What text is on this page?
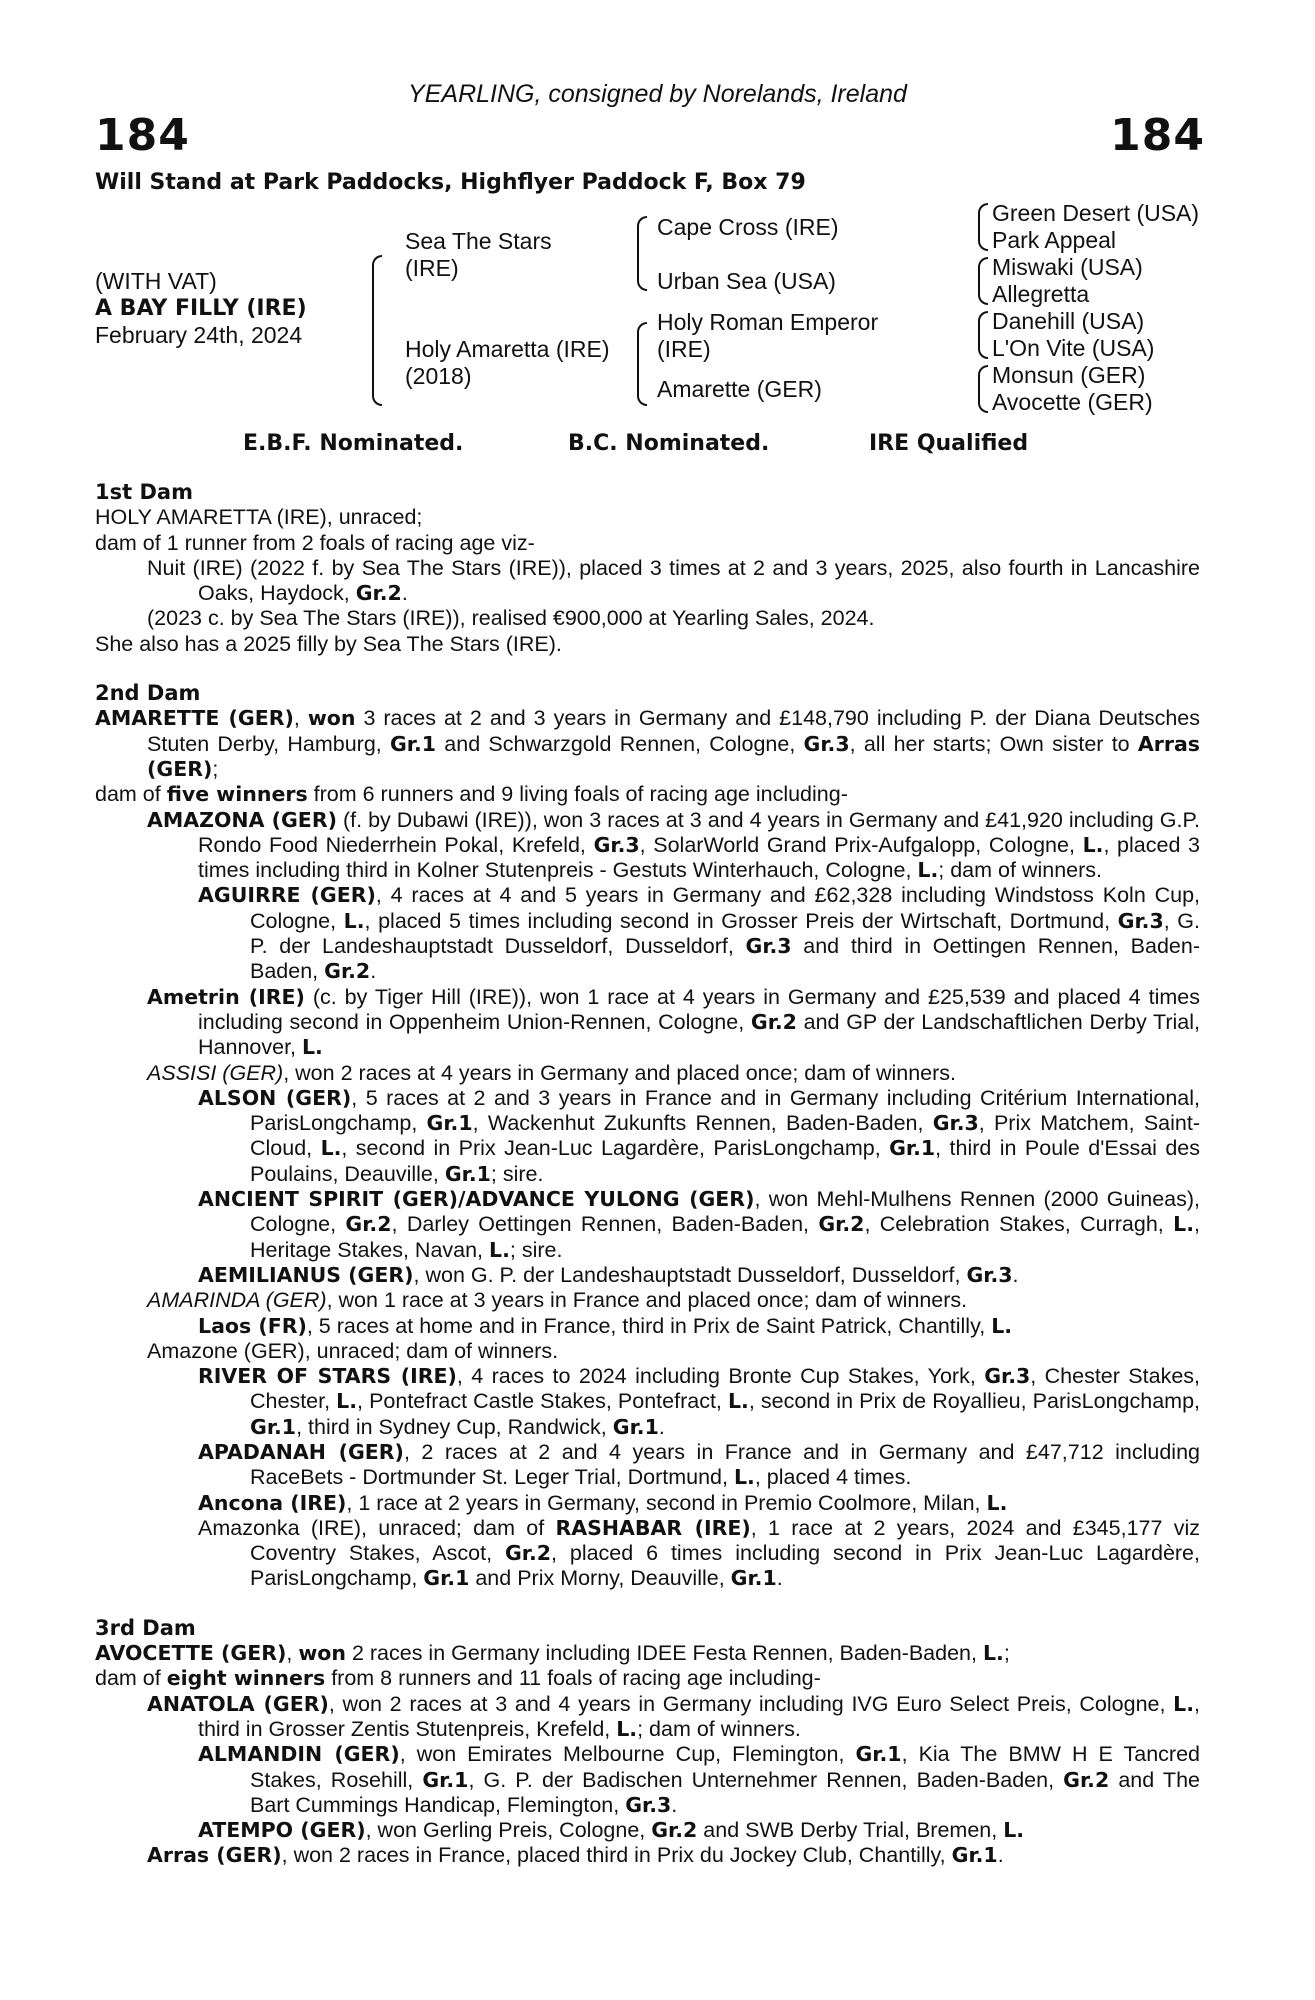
YEARLING, consigned by Norelands, Ireland
184	184
Will Stand at Park Paddocks, Highflyer Paddock F, Box 79
(WITH VAT)
A BAY FILLY (IRE)
February 24th, 2024
Sea The Stars
(IRE)
Holy Amaretta (IRE)
(2018)
Cape Cross (IRE)
Urban Sea (USA)
Holy Roman Emperor
(IRE)
Amarette (GER)
Green Desert (USA)
Park Appeal
Miswaki (USA)
Allegretta
Danehill (USA)
L'On Vite (USA)
Monsun (GER)
Avocette (GER)
E.B.F. Nominated.	B.C. Nominated.	IRE Qualified

1st Dam

HOLY AMARETTA (IRE), unraced;

dam of 1 runner from 2 foals of racing age viz-

Nuit (IRE) (2022 f. by Sea The Stars (IRE)), placed 3 times at 2 and 3 years, 2025, also fourth in Lancashire Oaks, Haydock, Gr.2.

(2023 c. by Sea The Stars (IRE)), realised €900,000 at Yearling Sales, 2024.

She also has a 2025 filly by Sea The Stars (IRE).

2nd Dam

AMARETTE (GER), won 3 races at 2 and 3 years in Germany and £148,790 including P. der Diana Deutsches Stuten Derby, Hamburg, Gr.1 and Schwarzgold Rennen, Cologne, Gr.3, all her starts; Own sister to Arras (GER);

dam of five winners from 6 runners and 9 living foals of racing age including-

AMAZONA (GER) (f. by Dubawi (IRE)), won 3 races at 3 and 4 years in Germany and £41,920 including G.P. Rondo Food Niederrhein Pokal, Krefeld, Gr.3, SolarWorld Grand Prix-Aufgalopp, Cologne, L., placed 3 times including third in Kolner Stutenpreis - Gestuts Winterhauch, Cologne, L.; dam of winners.

AGUIRRE (GER), 4 races at 4 and 5 years in Germany and £62,328 including Windstoss Koln Cup, Cologne, L., placed 5 times including second in Grosser Preis der Wirtschaft, Dortmund, Gr.3, G. P. der Landeshauptstadt Dusseldorf, Dusseldorf, Gr.3 and third in Oettingen Rennen, Baden-Baden, Gr.2.

Ametrin (IRE) (c. by Tiger Hill (IRE)), won 1 race at 4 years in Germany and £25,539 and placed 4 times including second in Oppenheim Union-Rennen, Cologne, Gr.2 and GP der Landschaftlichen Derby Trial, Hannover, L.

ASSISI (GER), won 2 races at 4 years in Germany and placed once; dam of winners.

ALSON (GER), 5 races at 2 and 3 years in France and in Germany including Critérium International, ParisLongchamp, Gr.1, Wackenhut Zukunfts Rennen, Baden-Baden, Gr.3, Prix Matchem, Saint-Cloud, L., second in Prix Jean-Luc Lagardère, ParisLongchamp, Gr.1, third in Poule d'Essai des Poulains, Deauville, Gr.1; sire.

ANCIENT SPIRIT (GER)/ADVANCE YULONG (GER), won Mehl-Mulhens Rennen (2000 Guineas), Cologne, Gr.2, Darley Oettingen Rennen, Baden-Baden, Gr.2, Celebration Stakes, Curragh, L., Heritage Stakes, Navan, L.; sire.

AEMILIANUS (GER), won G. P. der Landeshauptstadt Dusseldorf, Dusseldorf, Gr.3.

AMARINDA (GER), won 1 race at 3 years in France and placed once; dam of winners.

Laos (FR), 5 races at home and in France, third in Prix de Saint Patrick, Chantilly, L.

Amazone (GER), unraced; dam of winners.

RIVER OF STARS (IRE), 4 races to 2024 including Bronte Cup Stakes, York, Gr.3, Chester Stakes, Chester, L., Pontefract Castle Stakes, Pontefract, L., second in Prix de Royallieu, ParisLongchamp, Gr.1, third in Sydney Cup, Randwick, Gr.1.

APADANAH (GER), 2 races at 2 and 4 years in France and in Germany and £47,712 including RaceBets - Dortmunder St. Leger Trial, Dortmund, L., placed 4 times.

Ancona (IRE), 1 race at 2 years in Germany, second in Premio Coolmore, Milan, L.

Amazonka (IRE), unraced; dam of RASHABAR (IRE), 1 race at 2 years, 2024 and £345,177 viz Coventry Stakes, Ascot, Gr.2, placed 6 times including second in Prix Jean-Luc Lagardère, ParisLongchamp, Gr.1 and Prix Morny, Deauville, Gr.1.

3rd Dam

AVOCETTE (GER), won 2 races in Germany including IDEE Festa Rennen, Baden-Baden, L.;

dam of eight winners from 8 runners and 11 foals of racing age including-

ANATOLA (GER), won 2 races at 3 and 4 years in Germany including IVG Euro Select Preis, Cologne, L., third in Grosser Zentis Stutenpreis, Krefeld, L.; dam of winners.

ALMANDIN (GER), won Emirates Melbourne Cup, Flemington, Gr.1, Kia The BMW H E Tancred Stakes, Rosehill, Gr.1, G. P. der Badischen Unternehmer Rennen, Baden-Baden, Gr.2 and The Bart Cummings Handicap, Flemington, Gr.3.

ATEMPO (GER), won Gerling Preis, Cologne, Gr.2 and SWB Derby Trial, Bremen, L.

Arras (GER), won 2 races in France, placed third in Prix du Jockey Club, Chantilly, Gr.1.
